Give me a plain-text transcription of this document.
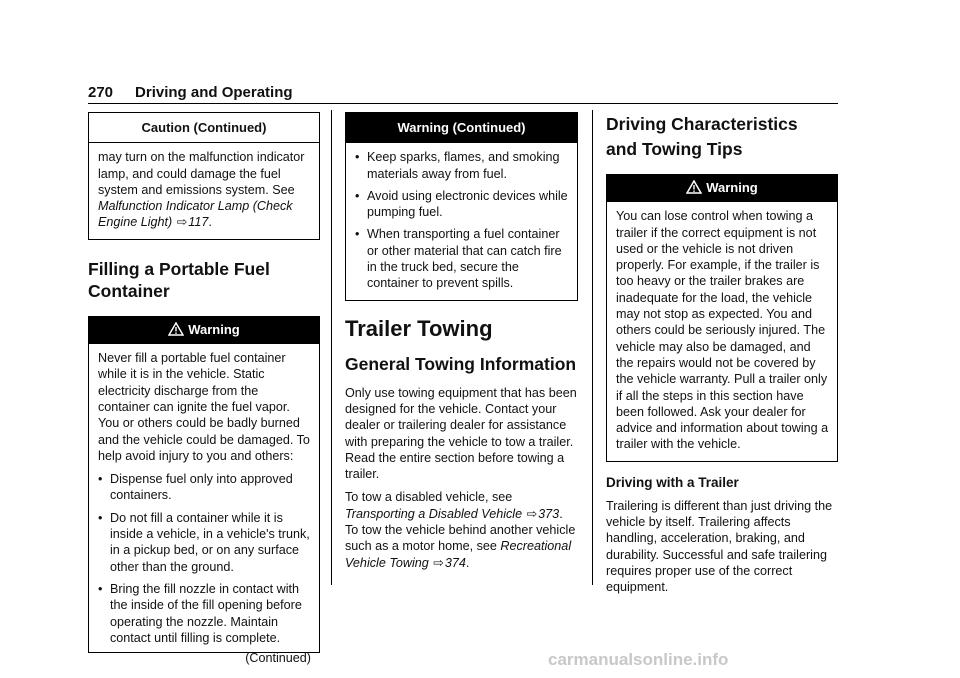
270 Driving and Operating
Caution (Continued)

may turn on the malfunction indicator lamp, and could damage the fuel system and emissions system. See Malfunction Indicator Lamp (Check Engine Light) ⇨117.

Filling a Portable Fuel Container
Warning

Never fill a portable fuel container while it is in the vehicle. Static electricity discharge from the container can ignite the fuel vapor. You or others could be badly burned and the vehicle could be damaged. To help avoid injury to you and others:

• Dispense fuel only into approved containers.
• Do not fill a container while it is inside a vehicle, in a vehicle's trunk, in a pickup bed, or on any surface other than the ground.
• Bring the fill nozzle in contact with the inside of the fill opening before operating the nozzle. Maintain contact until filling is complete.
(Continued)
Warning (Continued)
• Keep sparks, flames, and smoking materials away from fuel.
• Avoid using electronic devices while pumping fuel.
• When transporting a fuel container or other material that can catch fire in the truck bed, secure the container to prevent spills.
Trailer Towing
General Towing Information

Only use towing equipment that has been designed for the vehicle. Contact your dealer or trailering dealer for assistance with preparing the vehicle to tow a trailer. Read the entire section before towing a trailer.

To tow a disabled vehicle, see Transporting a Disabled Vehicle ⇨373. To tow the vehicle behind another vehicle such as a motor home, see Recreational Vehicle Towing ⇨374.

Driving Characteristics and Towing Tips
Warning

You can lose control when towing a trailer if the correct equipment is not used or the vehicle is not driven properly. For example, if the trailer is too heavy or the trailer brakes are inadequate for the load, the vehicle may not stop as expected. You and others could be seriously injured. The vehicle may also be damaged, and the repairs would not be covered by the vehicle warranty. Pull a trailer only if all the steps in this section have been followed. Ask your dealer for advice and information about towing a trailer with the vehicle.

Driving with a Trailer

Trailering is different than just driving the vehicle by itself. Trailering affects handling, acceleration, braking, and durability. Successful and safe trailering requires proper use of the correct equipment.

carmanualsonline.info
